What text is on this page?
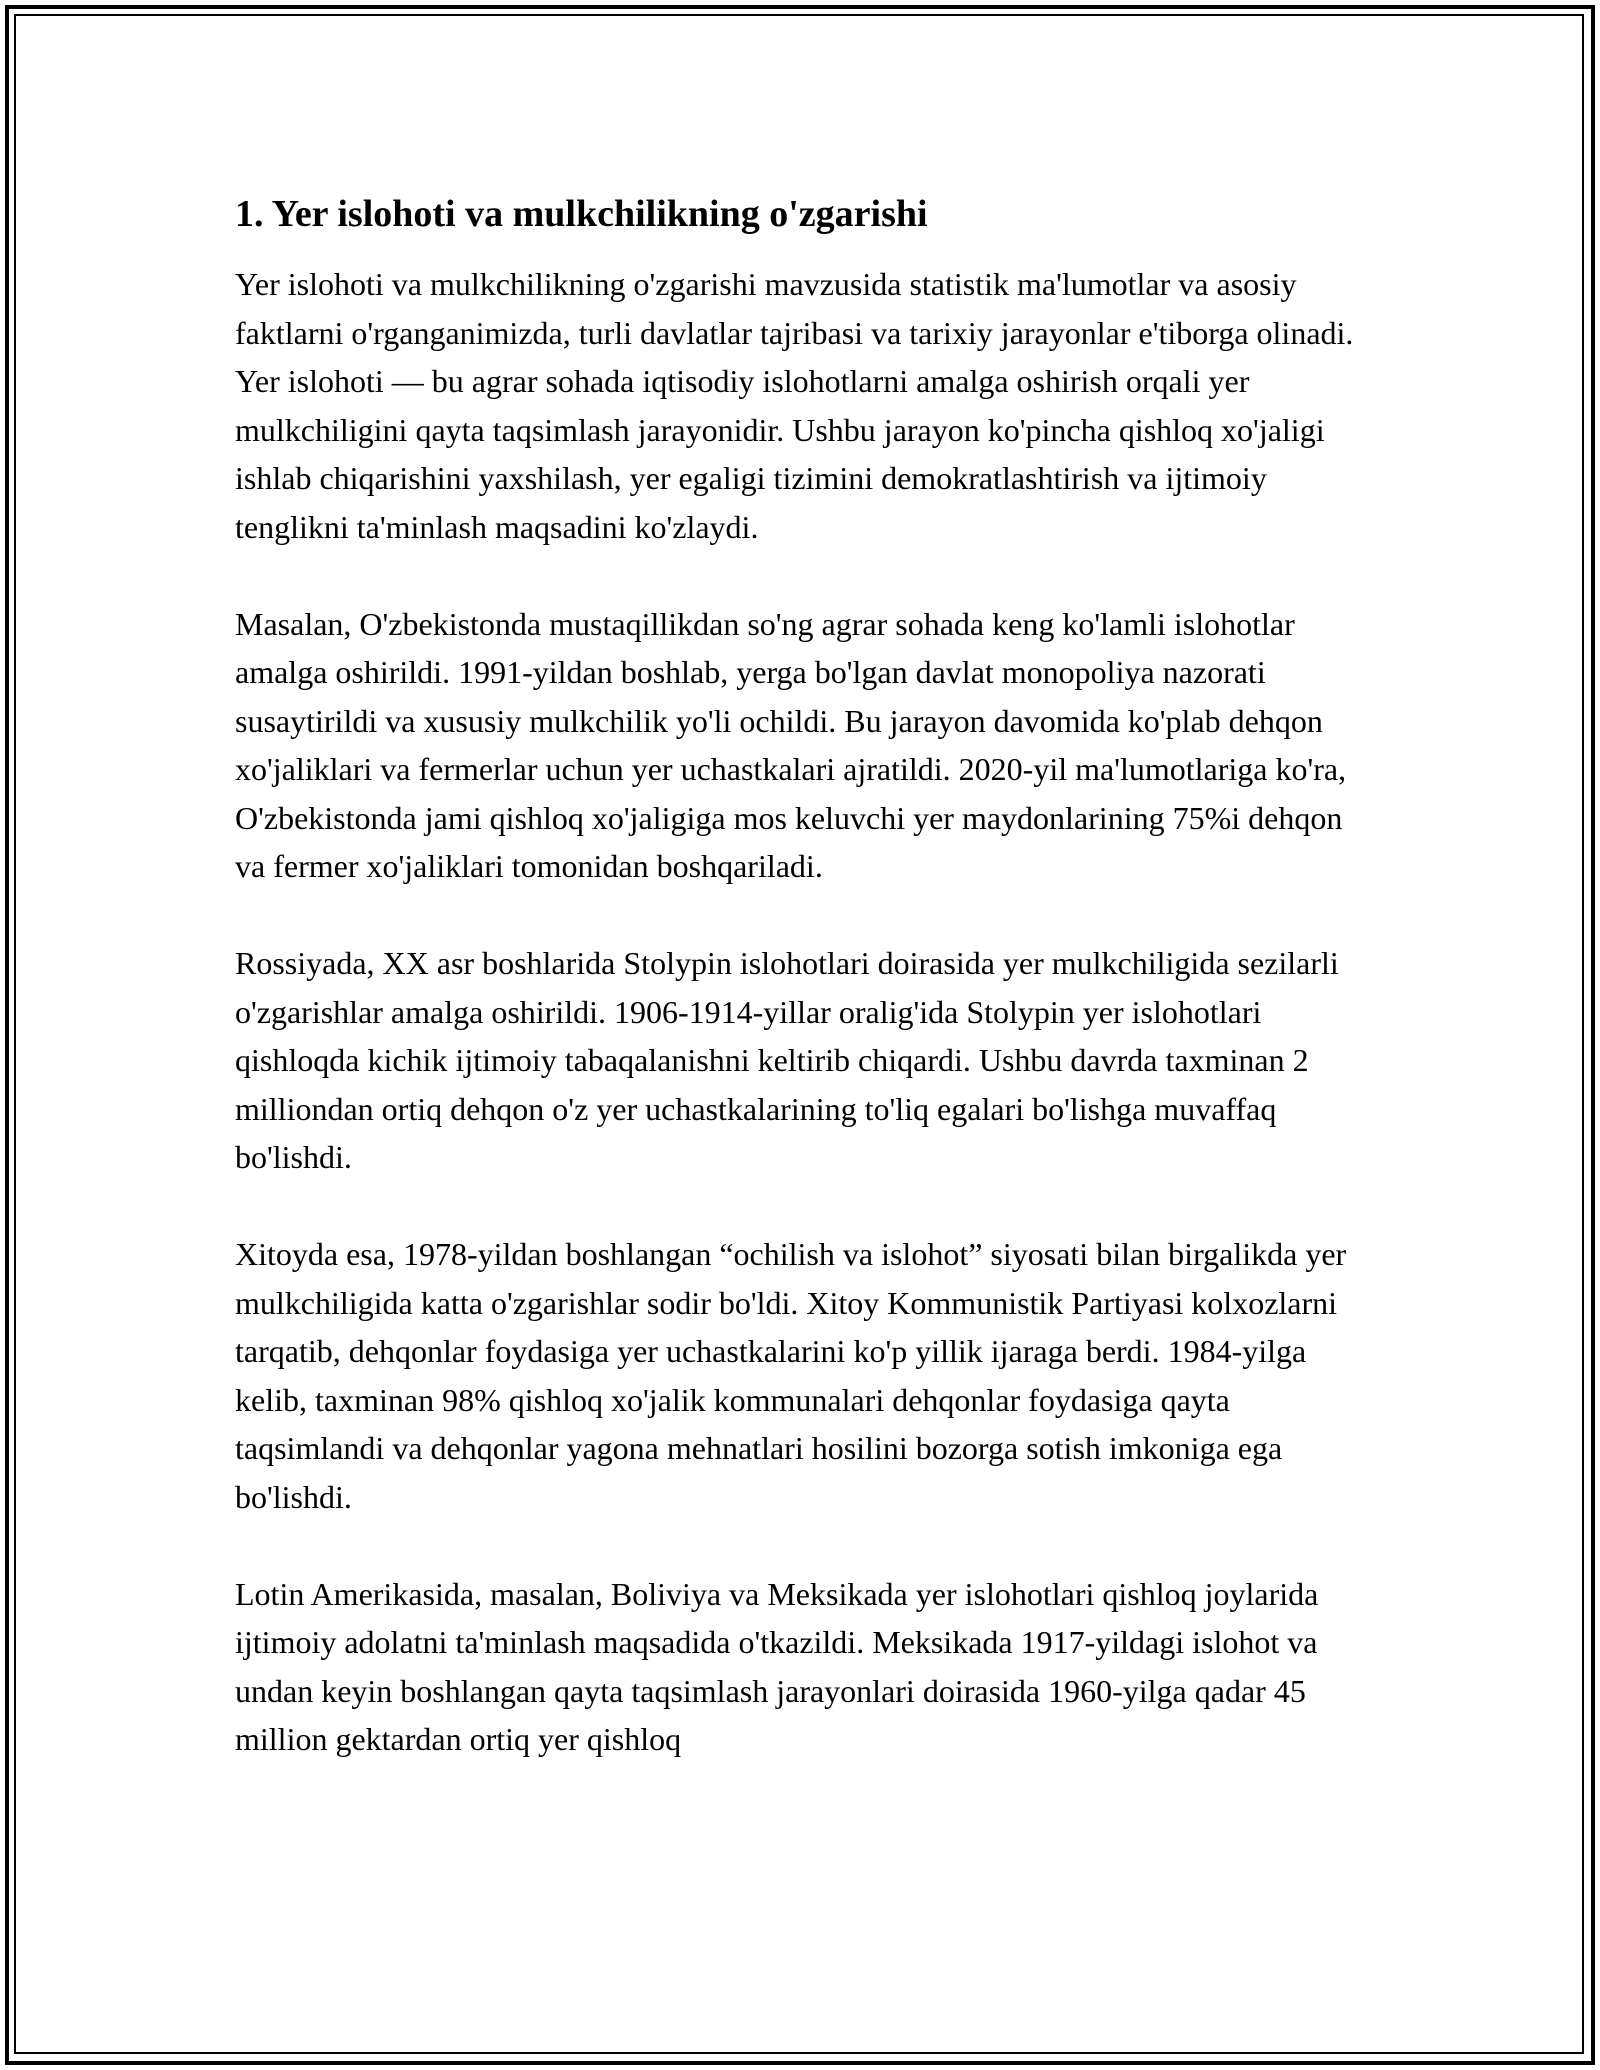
1. Yer islohoti va mulkchilikning o'zgarishi

Yer islohoti va mulkchilikning o'zgarishi mavzusida statistik ma'lumotlar va asosiy faktlarni o'rganganimizda, turli davlatlar tajribasi va tarixiy jarayonlar e'tiborga olinadi. Yer islohoti — bu agrar sohada iqtisodiy islohotlarni amalga oshirish orqali yer mulkchiligini qayta taqsimlash jarayonidir. Ushbu jarayon ko'pincha qishloq xo'jaligi ishlab chiqarishini yaxshilash, yer egaligi tizimini demokratlashtirish va ijtimoiy tenglikni ta'minlash maqsadini ko'zlaydi.

Masalan, O'zbekistonda mustaqillikdan so'ng agrar sohada keng ko'lamli islohotlar amalga oshirildi. 1991-yildan boshlab, yerga bo'lgan davlat monopoliya nazorati susaytirildi va xususiy mulkchilik yo'li ochildi. Bu jarayon davomida ko'plab dehqon xo'jaliklari va fermerlar uchun yer uchastkalari ajratildi. 2020-yil ma'lumotlariga ko'ra, O'zbekistonda jami qishloq xo'jaligiga mos keluvchi yer maydonlarining 75%i dehqon va fermer xo'jaliklari tomonidan boshqariladi.

Rossiyada, XX asr boshlarida Stolypin islohotlari doirasida yer mulkchiligida sezilarli o'zgarishlar amalga oshirildi. 1906-1914-yillar oralig'ida Stolypin yer islohotlari qishloqda kichik ijtimoiy tabaqalanishni keltirib chiqardi. Ushbu davrda taxminan 2 milliondan ortiq dehqon o'z yer uchastkalarining to'liq egalari bo'lishga muvaffaq bo'lishdi.

Xitoyda esa, 1978-yildan boshlangan “ochilish va islohot” siyosati bilan birgalikda yer mulkchiligida katta o'zgarishlar sodir bo'ldi. Xitoy Kommunistik Partiyasi kolxozlarni tarqatib, dehqonlar foydasiga yer uchastkalarini ko'p yillik ijaraga berdi. 1984-yilga kelib, taxminan 98% qishloq xo'jalik kommunalari dehqonlar foydasiga qayta taqsimlandi va dehqonlar yagona mehnatlari hosilini bozorga sotish imkoniga ega bo'lishdi.

Lotin Amerikasida, masalan, Boliviya va Meksikada yer islohotlari qishloq joylarida ijtimoiy adolatni ta'minlash maqsadida o'tkazildi. Meksikada 1917-yildagi islohot va undan keyin boshlangan qayta taqsimlash jarayonlari doirasida 1960-yilga qadar 45 million gektardan ortiq yer qishloq
